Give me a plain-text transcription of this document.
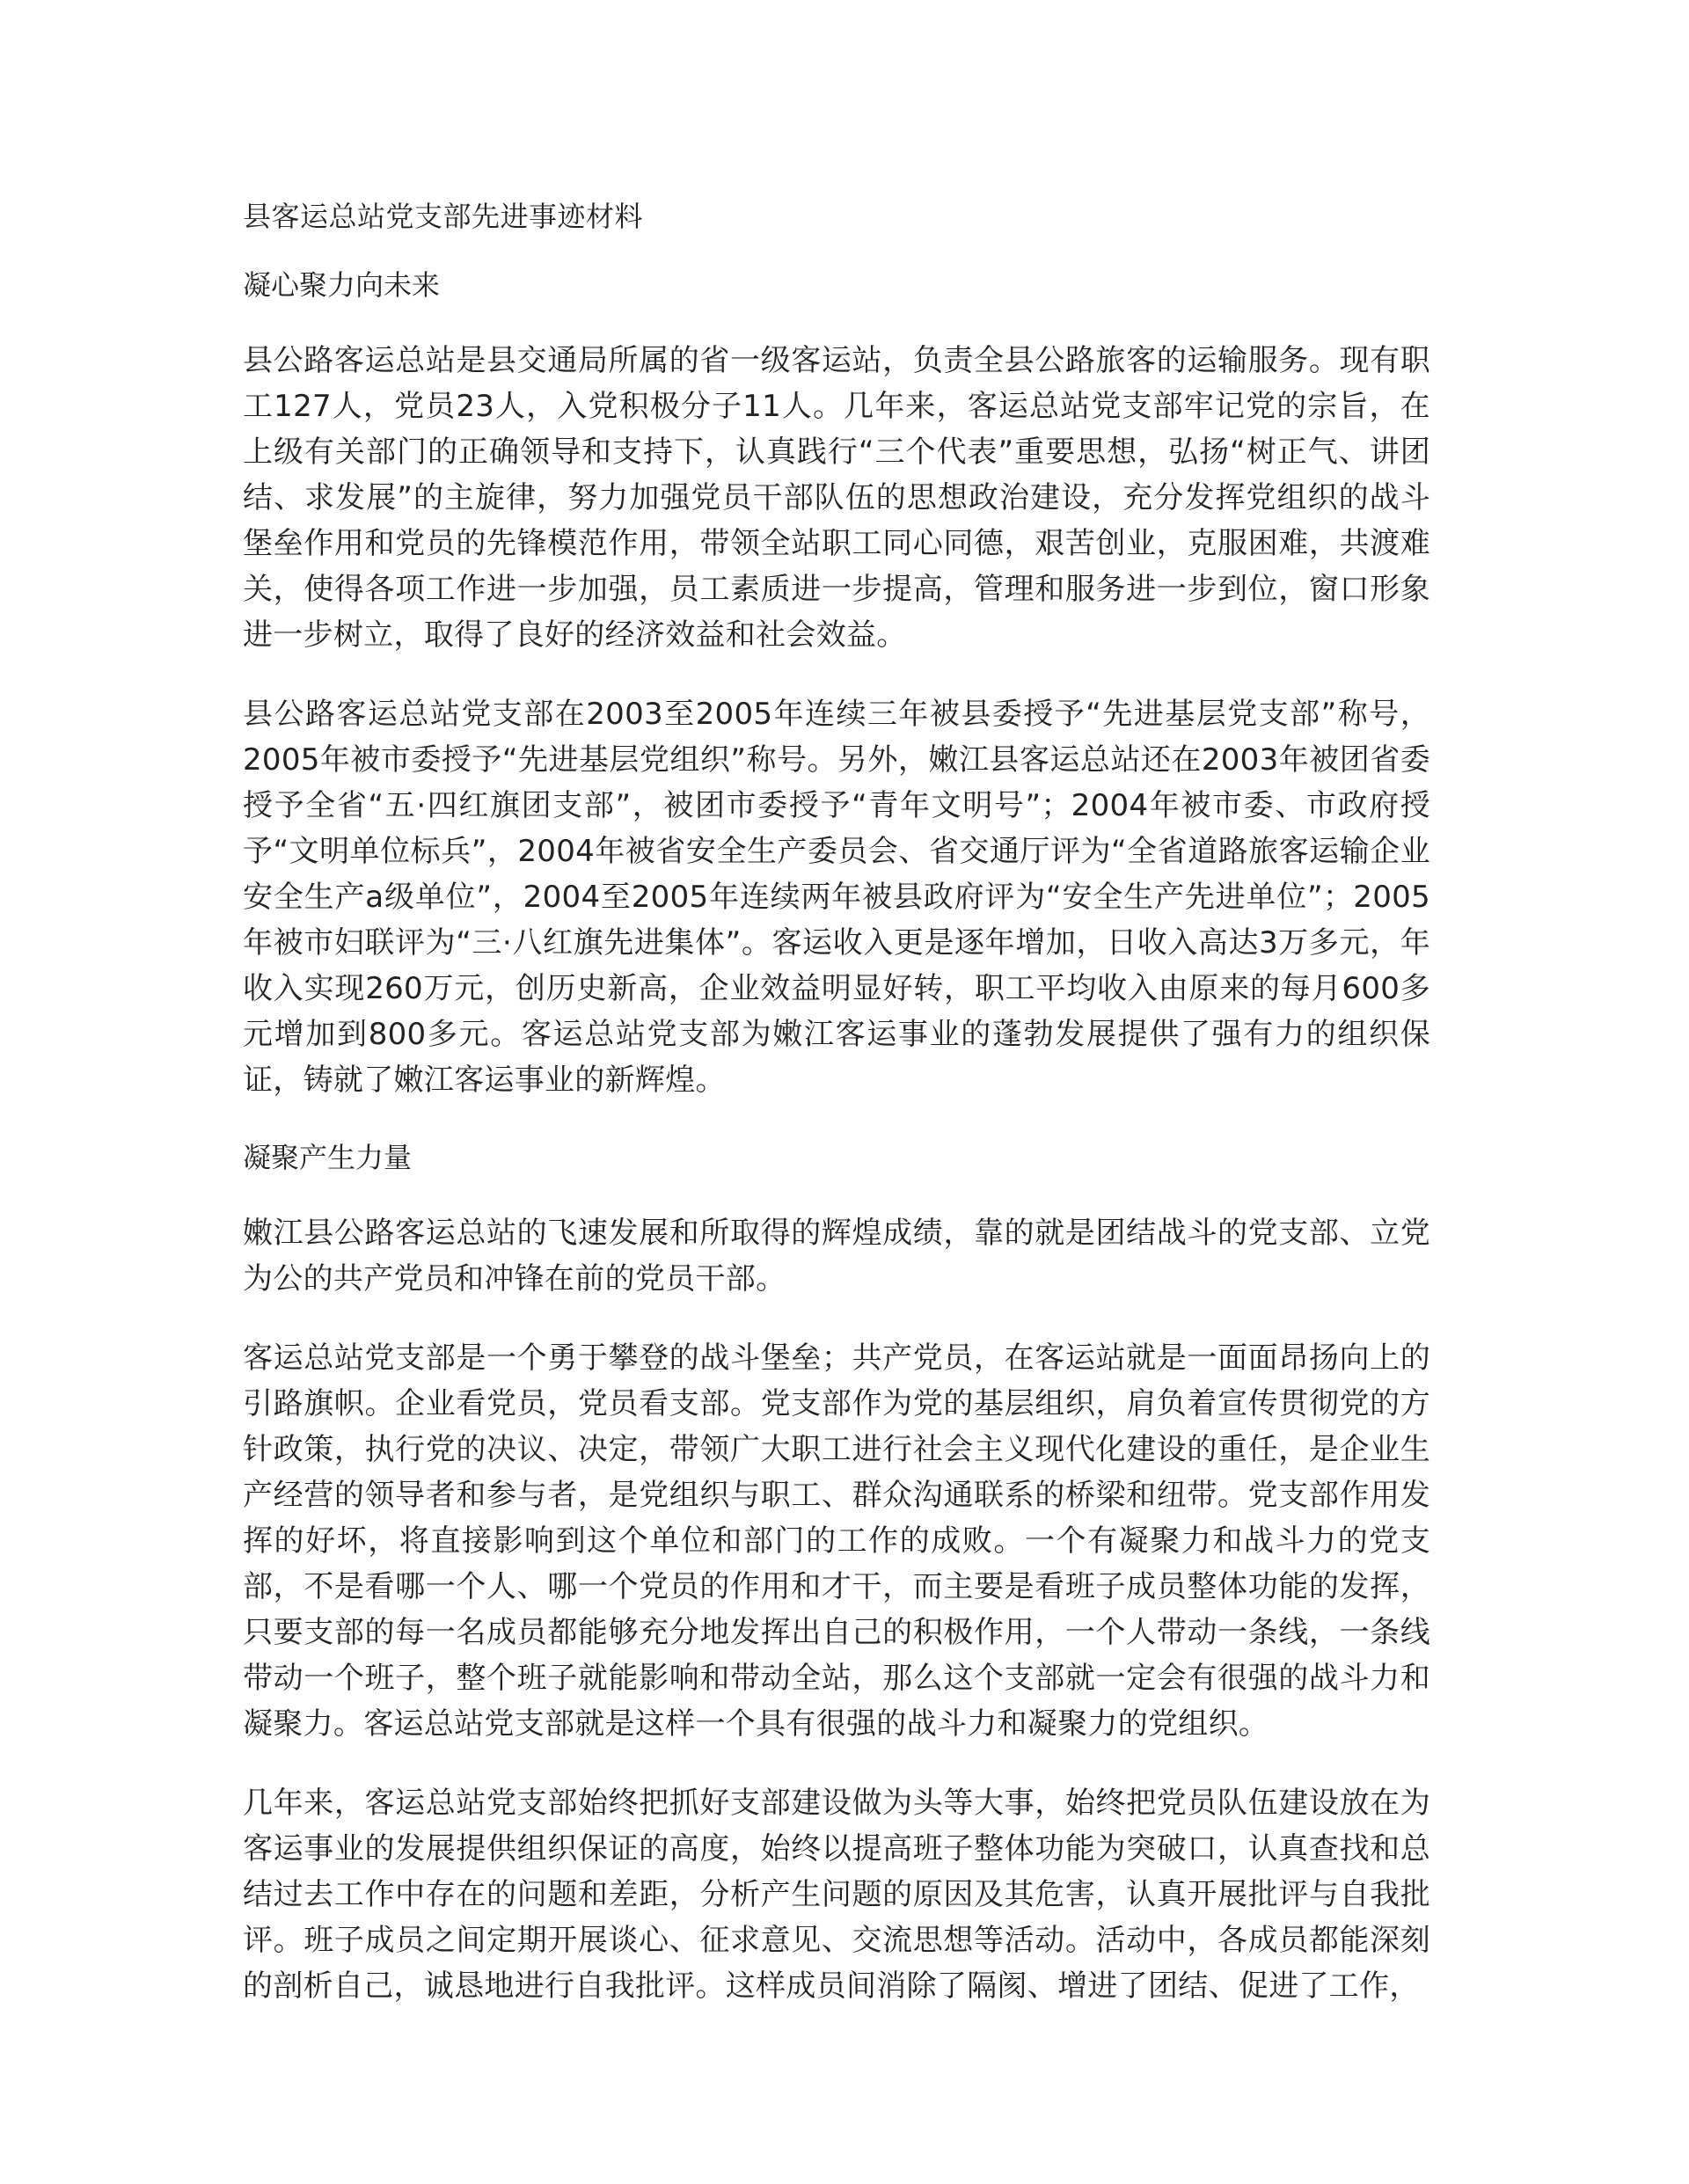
县客运总站党支部先进事迹材料
凝心聚力向未来

县公路客运总站是县交通局所属的省一级客运站，负责全县公路旅客的运输服务。现有职工127人，党员23人，入党积极分子11人。几年来，客运总站党支部牢记党的宗旨，在上级有关部门的正确领导和支持下，认真践行“三个代表”重要思想，弘扬“树正气、讲团结、求发展”的主旋律，努力加强党员干部队伍的思想政治建设，充分发挥党组织的战斗堡垒作用和党员的先锋模范作用，带领全站职工同心同德，艰苦创业，克服困难，共渡难关，使得各项工作进一步加强，员工素质进一步提高，管理和服务进一步到位，窗口形象进一步树立，取得了良好的经济效益和社会效益。

县公路客运总站党支部在2003至2005年连续三年被县委授予“先进基层党支部”称号，2005年被市委授予“先进基层党组织”称号。另外，嫩江县客运总站还在2003年被团省委授予全省“五·四红旗团支部”，被团市委授予“青年文明号”；2004年被市委、市政府授予“文明单位标兵”，2004年被省安全生产委员会、省交通厅评为“全省道路旅客运输企业安全生产a级单位”，2004至2005年连续两年被县政府评为“安全生产先进单位”；2005年被市妇联评为“三·八红旗先进集体”。客运收入更是逐年增加，日收入高达3万多元，年收入实现260万元，创历史新高，企业效益明显好转，职工平均收入由原来的每月600多元增加到800多元。客运总站党支部为嫩江客运事业的蓬勃发展提供了强有力的组织保证，铸就了嫩江客运事业的新辉煌。

凝聚产生力量

嫩江县公路客运总站的飞速发展和所取得的辉煌成绩，靠的就是团结战斗的党支部、立党为公的共产党员和冲锋在前的党员干部。

客运总站党支部是一个勇于攀登的战斗堡垒；共产党员，在客运站就是一面面昂扬向上的引路旗帜。企业看党员，党员看支部。党支部作为党的基层组织，肩负着宣传贯彻党的方针政策，执行党的决议、决定，带领广大职工进行社会主义现代化建设的重任，是企业生产经营的领导者和参与者，是党组织与职工、群众沟通联系的桥梁和纽带。党支部作用发挥的好坏，将直接影响到这个单位和部门的工作的成败。一个有凝聚力和战斗力的党支部，不是看哪一个人、哪一个党员的作用和才干，而主要是看班子成员整体功能的发挥，只要支部的每一名成员都能够充分地发挥出自己的积极作用，一个人带动一条线，一条线带动一个班子，整个班子就能影响和带动全站，那么这个支部就一定会有很强的战斗力和凝聚力。客运总站党支部就是这样一个具有很强的战斗力和凝聚力的党组织。

几年来，客运总站党支部始终把抓好支部建设做为头等大事，始终把党员队伍建设放在为客运事业的发展提供组织保证的高度，始终以提高班子整体功能为突破口，认真查找和总结过去工作中存在的问题和差距，分析产生问题的原因及其危害，认真开展批评与自我批评。班子成员之间定期开展谈心、征求意见、交流思想等活动。活动中，各成员都能深刻的剖析自己，诚恳地进行自我批评。这样成员间消除了隔阂、增进了团结、促进了工作，
